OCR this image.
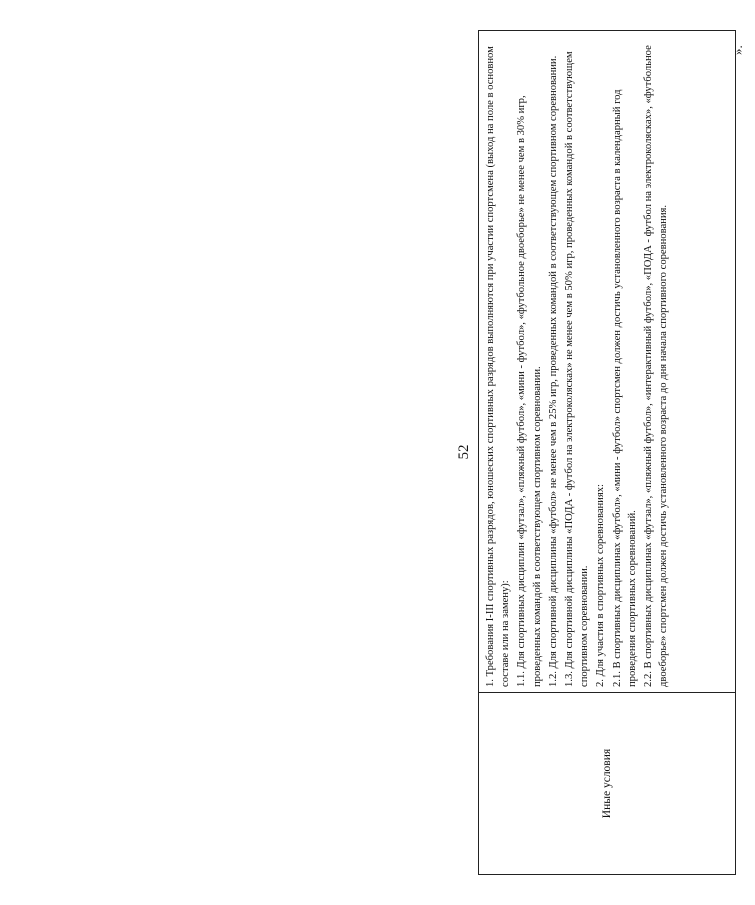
52
Иные условия

1. Требования I-III спортивных разрядов, юношеских спортивных разрядов выполняются при участии спортсмена (выход на поле в основном составе или на замену): 1.1. Для спортивных дисциплин «футзал», «пляжный футбол», «мини - футбол», «футбольное двоеборье» не менее чем в 30% игр, проведенных командой в соответствующем спортивном соревновании. 1.2. Для спортивной дисциплины «футбол» не менее чем в 25% игр, проведенных командой в соответствующем спортивном соревновании. 1.3. Для спортивной дисциплины «ПОДА - футбол на электроколясках» не менее чем в 50% игр, проведенных командой в соответствующем спортивном соревновании. 2. Для участия в спортивных соревнованиях: 2.1. В спортивных дисциплинах «футбол», «мини - футбол» спортсмен должен достичь установленного возраста в календарный год проведения спортивных соревнований. 2.2. В спортивных дисциплинах «футзал», «пляжный футбол», «интерактивный футбол», «ПОДА - футбол на электроколясках», «футбольное двоеборье» спортсмен должен достичь установленного возраста до дня начала спортивного соревнования.

».
